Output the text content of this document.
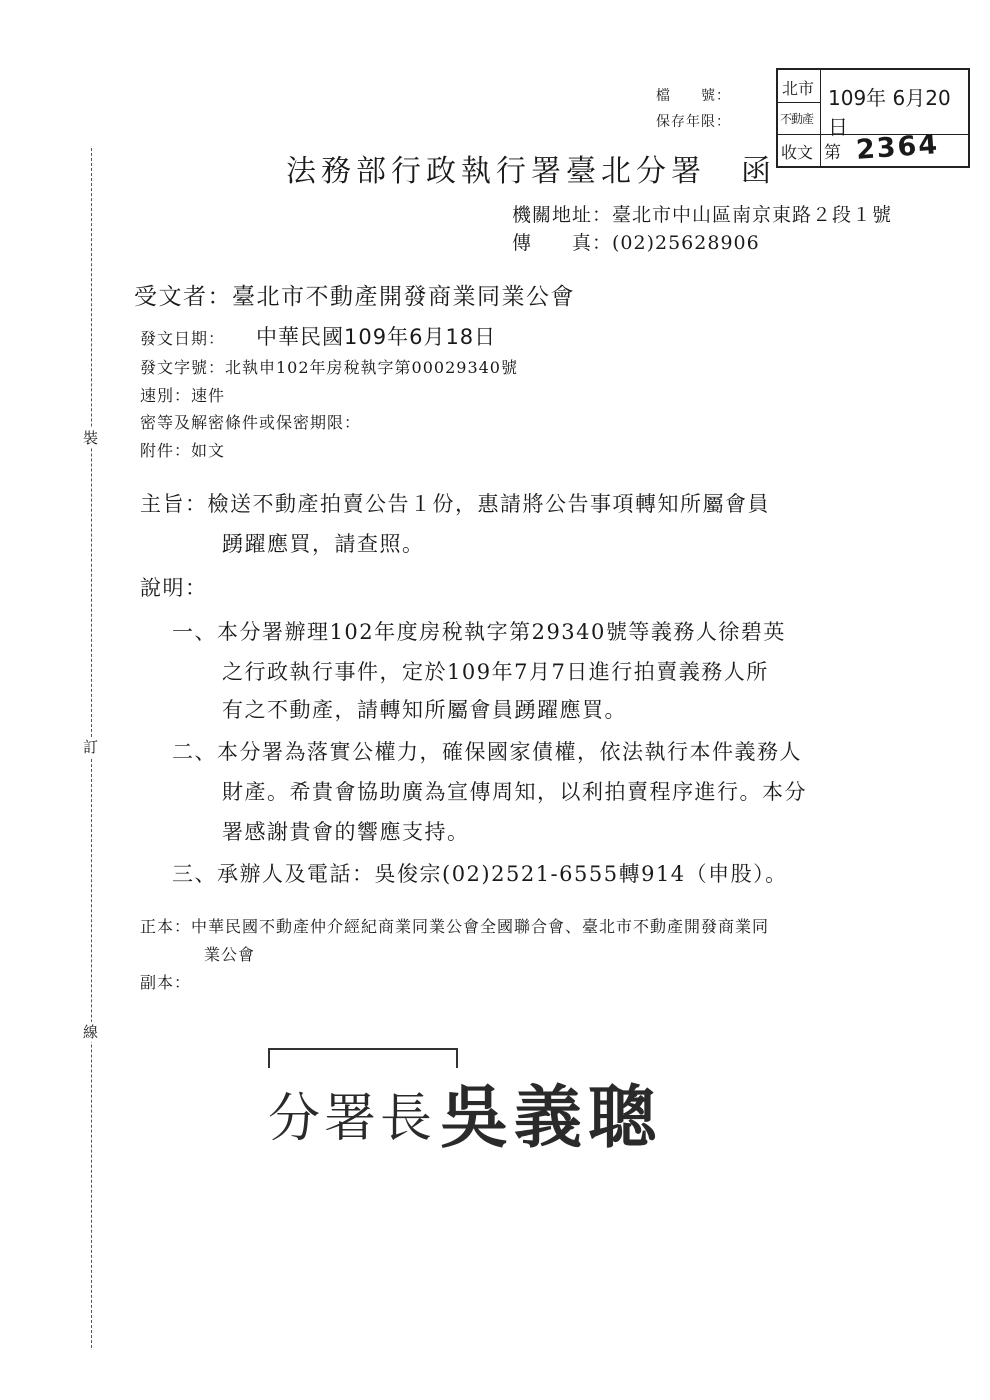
裝
訂
線
檔　　號：
保存年限：
北市
不動產
收文
109年 6月20日
第 2364
法務部行政執行署臺北分署　函
機關地址：臺北市中山區南京東路２段１號
傳　　真：(02)25628906
受文者：臺北市不動產開發商業同業公會
發文日期： 中華民國109年6月18日
發文字號：北執申102年房稅執字第00029340號
速別：速件
密等及解密條件或保密期限：
附件：如文
主旨：檢送不動產拍賣公告１份，惠請將公告事項轉知所屬會員
踴躍應買，請查照。
說明：
一、本分署辦理102年度房稅執字第29340號等義務人徐碧英
之行政執行事件，定於109年7月7日進行拍賣義務人所
有之不動產，請轉知所屬會員踴躍應買。
二、本分署為落實公權力，確保國家債權，依法執行本件義務人
財產。希貴會協助廣為宣傳周知，以利拍賣程序進行。本分
署感謝貴會的響應支持。
三、承辦人及電話：吳俊宗(02)2521-6555轉914（申股）。
正本：中華民國不動產仲介經紀商業同業公會全國聯合會、臺北市不動產開發商業同
業公會
副本：
分署長 吳義聰
